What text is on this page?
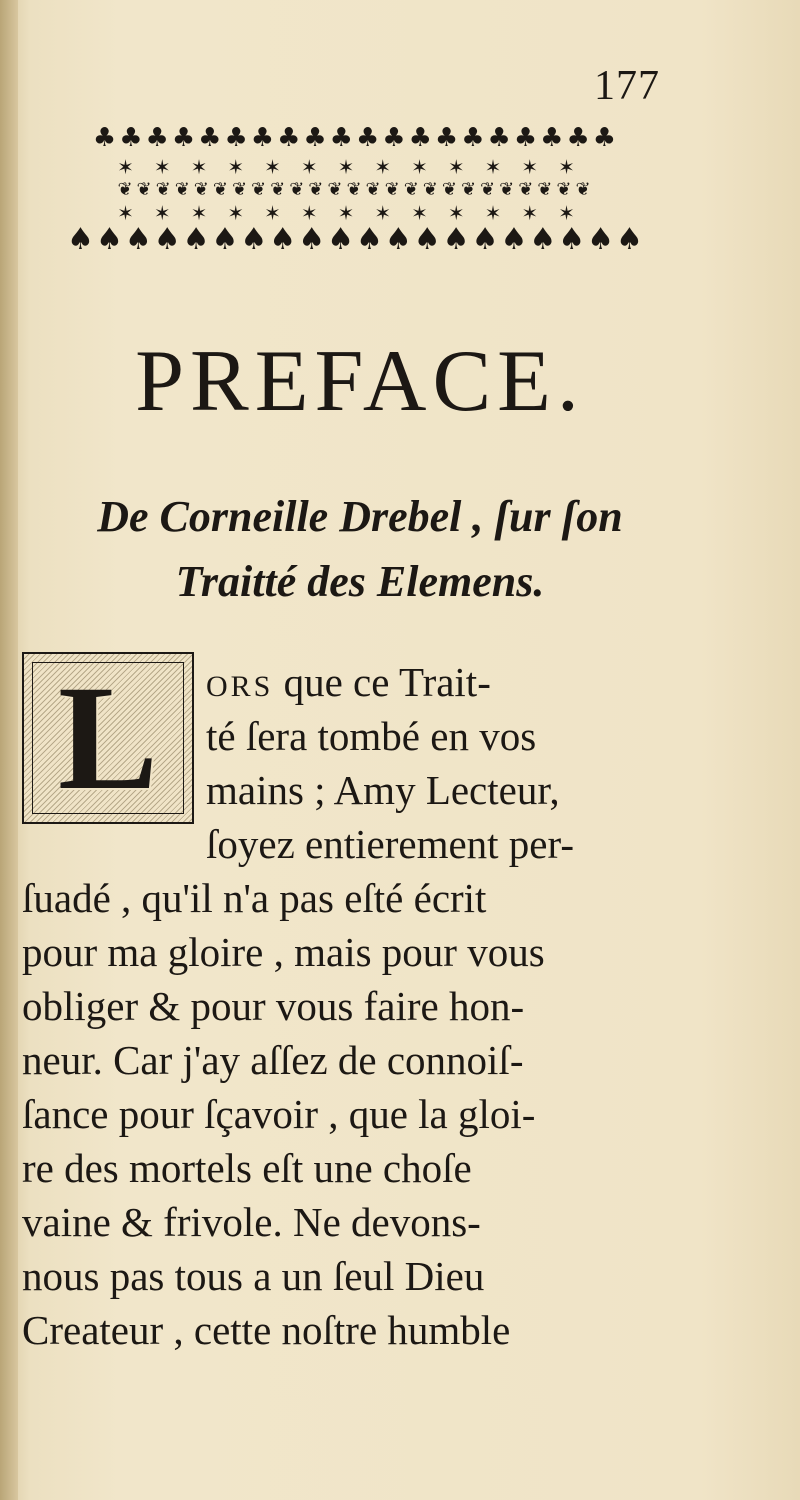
177
♣♣♣♣♣♣♣♣♣♣♣♣♣♣♣♣♣♣♣♣
✶✶✶✶✶✶✶✶✶✶✶✶✶
❦❦❦❦❦❦❦❦❦❦❦❦❦❦❦❦❦❦❦❦❦❦❦❦❦
✶✶✶✶✶✶✶✶✶✶✶✶✶
♠♠♠♠♠♠♠♠♠♠♠♠♠♠♠♠♠♠♠♠
PREFACE.
De Corneille Drebel , ſur ſon
Traitté des Elemens.
L ORS que ce Trait-
té ſera tombé en vos
mains ; Amy Lecteur,
ſoyez entierement per-
ſuadé , qu'il n'a pas eſté écrit
pour ma gloire , mais pour vous
obliger & pour vous faire hon-
neur. Car j'ay aſſez de connoiſ-
ſance pour ſçavoir , que la gloi-
re des mortels eſt une choſe
vaine & frivole. Ne devons-
nous pas tous a un ſeul Dieu
Createur , cette noſtre humble
